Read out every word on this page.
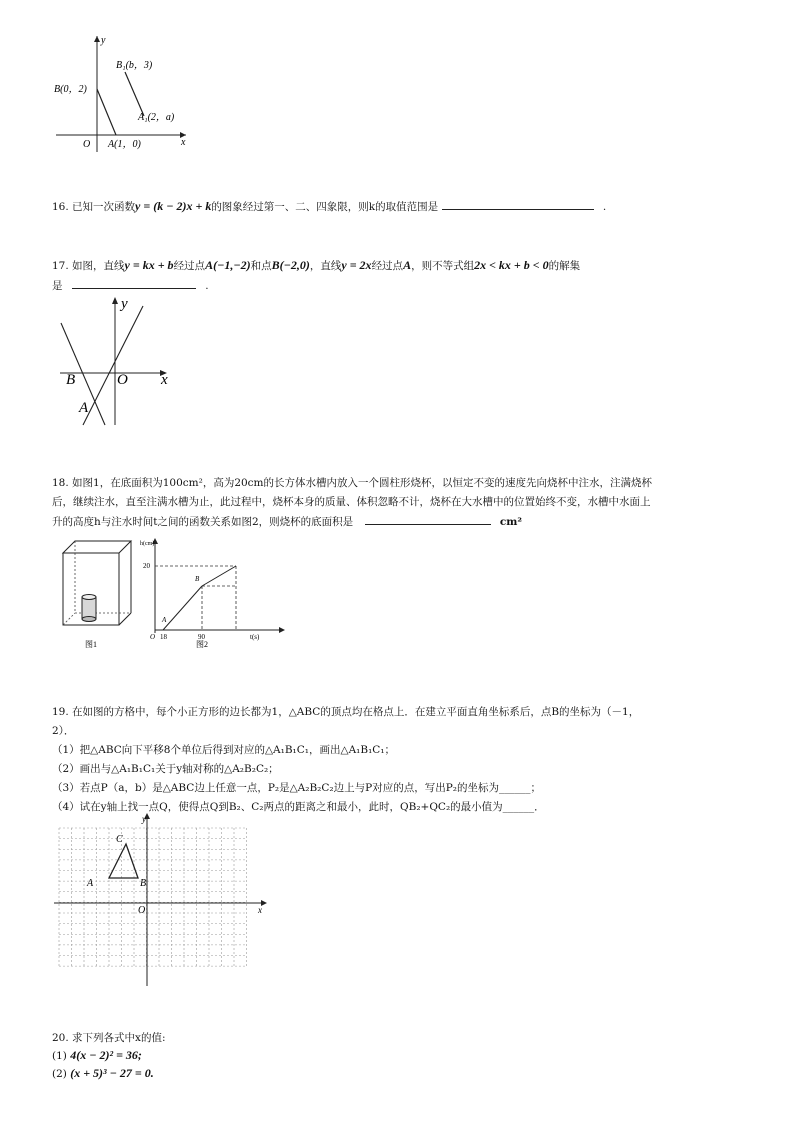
y
x
O
B(0，2)
B₁(b，3)
A₁(2，a)
A(1，0)
16. 已知一次函数y = (k − 2)x + k的图象经过第一、二、四象限，则k的取值范围是	.
17. 如图，直线y = kx + b经过点A(−1,−2)和点B(−2,0)，直线y = 2x经过点A，则不等式组2x < kx + b < 0的解集
是	.
y
x
O
B
A
18. 如图1，在底面积为100cm²，高为20cm的长方体水槽内放入一个圆柱形烧杯，以恒定不变的速度先向烧杯中注水，注满烧杯
后，继续注水，直至注满水槽为止，此过程中，烧杯本身的质量、体积忽略不计，烧杯在大水槽中的位置始终不变，水槽中水面上
升的高度h与注水时间t之间的函数关系如图2，则烧杯的底面积是	cm²
图1
h(cm)
t(s)
20
O 18	90
A
B
图2
19. 在如图的方格中，每个小正方形的边长都为1，△ABC的顶点均在格点上．在建立平面直角坐标系后，点B的坐标为（－1，
2）．
（1）把△ABC向下平移8个单位后得到对应的△A₁B₁C₁，画出△A₁B₁C₁；
（2）画出与△A₁B₁C₁关于y轴对称的△A₂B₂C₂；
（3）若点P（a，b）是△ABC边上任意一点，P₂是△A₂B₂C₂边上与P对应的点，写出P₂的坐标为______；
（4）试在y轴上找一点Q，使得点Q到B₂、C₂两点的距离之和最小，此时，QB₂+QC₂的最小值为______．
y
x
O
A	B
C
20. 求下列各式中x的值:
(1) 4(x − 2)² = 36;
(2) (x + 5)³ − 27 = 0.
